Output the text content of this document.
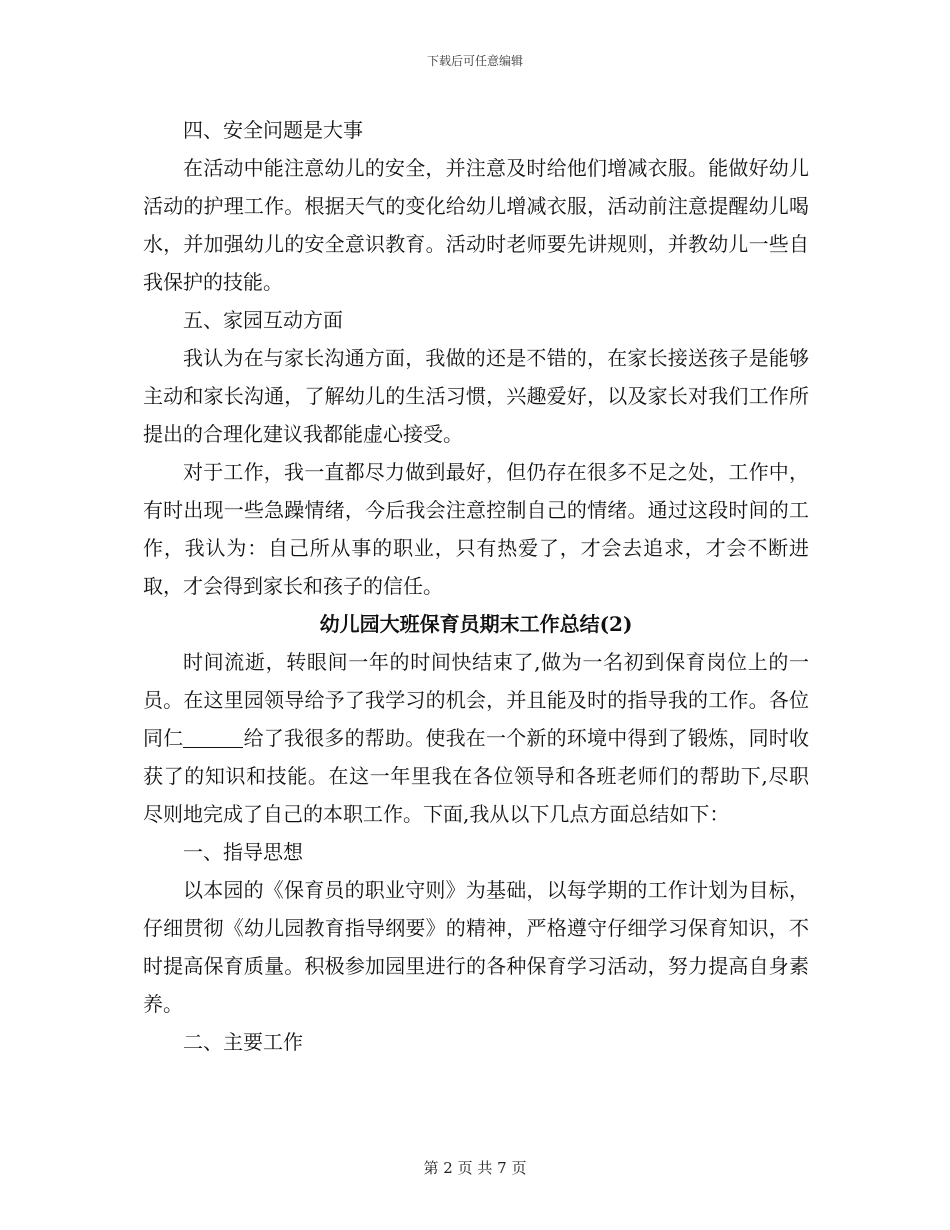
下载后可任意编辑

四、安全问题是大事

在活动中能注意幼儿的安全，并注意及时给他们增减衣服。能做好幼儿活动的护理工作。根据天气的变化给幼儿增减衣服，活动前注意提醒幼儿喝水，并加强幼儿的安全意识教育。活动时老师要先讲规则，并教幼儿一些自我保护的技能。

五、家园互动方面

我认为在与家长沟通方面，我做的还是不错的，在家长接送孩子是能够主动和家长沟通，了解幼儿的生活习惯，兴趣爱好，以及家长对我们工作所提出的合理化建议我都能虚心接受。

对于工作，我一直都尽力做到最好，但仍存在很多不足之处，工作中，有时出现一些急躁情绪，今后我会注意控制自己的情绪。通过这段时间的工作，我认为：自己所从事的职业，只有热爱了，才会去追求，才会不断进取，才会得到家长和孩子的信任。

幼儿园大班保育员期末工作总结(2)

时间流逝，转眼间一年的时间快结束了,做为一名初到保育岗位上的一员。在这里园领导给予了我学习的机会，并且能及时的指导我的工作。各位同仁	给了我很多的帮助。使我在一个新的环境中得到了锻炼，同时收获了的知识和技能。在这一年里我在各位领导和各班老师们的帮助下,尽职尽则地完成了自己的本职工作。下面,我从以下几点方面总结如下：

一、指导思想

以本园的《保育员的职业守则》为基础，以每学期的工作计划为目标，仔细贯彻《幼儿园教育指导纲要》的精神，严格遵守仔细学习保育知识，不时提高保育质量。积极参加园里进行的各种保育学习活动，努力提高自身素养。

二、主要工作

第 2 页 共 7 页
